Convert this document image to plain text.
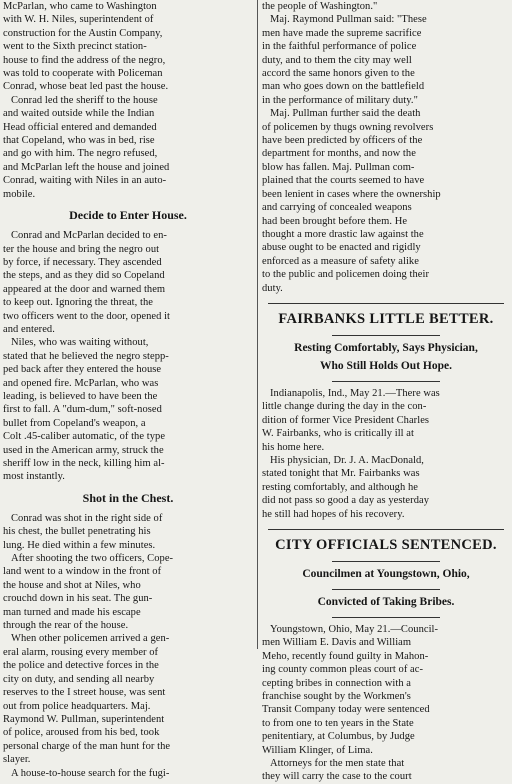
McParlan, who came to Washington
with W. H. Niles, superintendent of
construction for the Austin Company,
went to the Sixth precinct station-
house to find the address of the negro,
was told to cooperate with Policeman
Conrad, whose beat led past the house.
Conrad led the sheriff to the house
and waited outside while the Indian
Head official entered and demanded
that Copeland, who was in bed, rise
and go with him. The negro refused,
and McParlan left the house and joined
Conrad, waiting with Niles in an auto-
mobile.
Decide to Enter House.
Conrad and McParlan decided to en-
ter the house and bring the negro out
by force, if necessary. They ascended
the steps, and as they did so Copeland
appeared at the door and warned them
to keep out. Ignoring the threat, the
two officers went to the door, opened it
and entered.
Niles, who was waiting without,
stated that he believed the negro stepp-
ped back after they entered the house
and opened fire. McParlan, who was
leading, is believed to have been the
first to fall. A "dum-dum," soft-nosed
bullet from Copeland's weapon, a
Colt .45-caliber automatic, of the type
used in the American army, struck the
sheriff low in the neck, killing him al-
most instantly.
Shot in the Chest.
Conrad was shot in the right side of
his chest, the bullet penetrating his
lung. He died within a few minutes.
After shooting the two officers, Cope-
land went to a window in the front of
the house and shot at Niles, who
crouchd down in his seat. The gun-
man turned and made his escape
through the rear of the house.
When other policemen arrived a gen-
eral alarm, rousing every member of
the police and detective forces in the
city on duty, and sending all nearby
reserves to the I street house, was sent
out from police headquarters. Maj.
Raymond W. Pullman, superintendent
of police, aroused from his bed, took
personal charge of the man hunt for the
slayer.
A house-to-house search for the fugi-
the people of Washington."
Maj. Raymond Pullman said: "These
men have made the supreme sacrifice
in the faithful performance of police
duty, and to them the city may well
accord the same honors given to the
man who goes down on the battlefield
in the performance of military duty."
Maj. Pullman further said the death
of policemen by thugs owning revolvers
have been predicted by officers of the
department for months, and now the
blow has fallen. Maj. Pullman com-
plained that the courts seemed to have
been lenient in cases where the ownership
and carrying of concealed weapons
had been brought before them. He
thought a more drastic law against the
abuse ought to be enacted and rigidly
enforced as a measure of safety alike
to the public and policemen doing their
duty.
FAIRBANKS LITTLE BETTER.
Resting Comfortably, Says Physician,
Who Still Holds Out Hope.
Indianapolis, Ind., May 21.—There was
little change during the day in the con-
dition of former Vice President Charles
W. Fairbanks, who is critically ill at
his home here.
His physician, Dr. J. A. MacDonald,
stated tonight that Mr. Fairbanks was
resting comfortably, and although he
did not pass so good a day as yesterday
he still had hopes of his recovery.
CITY OFFICIALS SENTENCED.
Councilmen at Youngstown, Ohio,
Convicted of Taking Bribes.
Youngstown, Ohio, May 21.—Council-
men William E. Davis and William
Meho, recently found guilty in Mahon-
ing county common pleas court of ac-
cepting bribes in connection with a
franchise sought by the Workmen's
Transit Company today were sentenced
to from one to ten years in the State
penitentiary, at Columbus, by Judge
William Klinger, of Lima.
Attorneys for the men state that
they will carry the case to the court
